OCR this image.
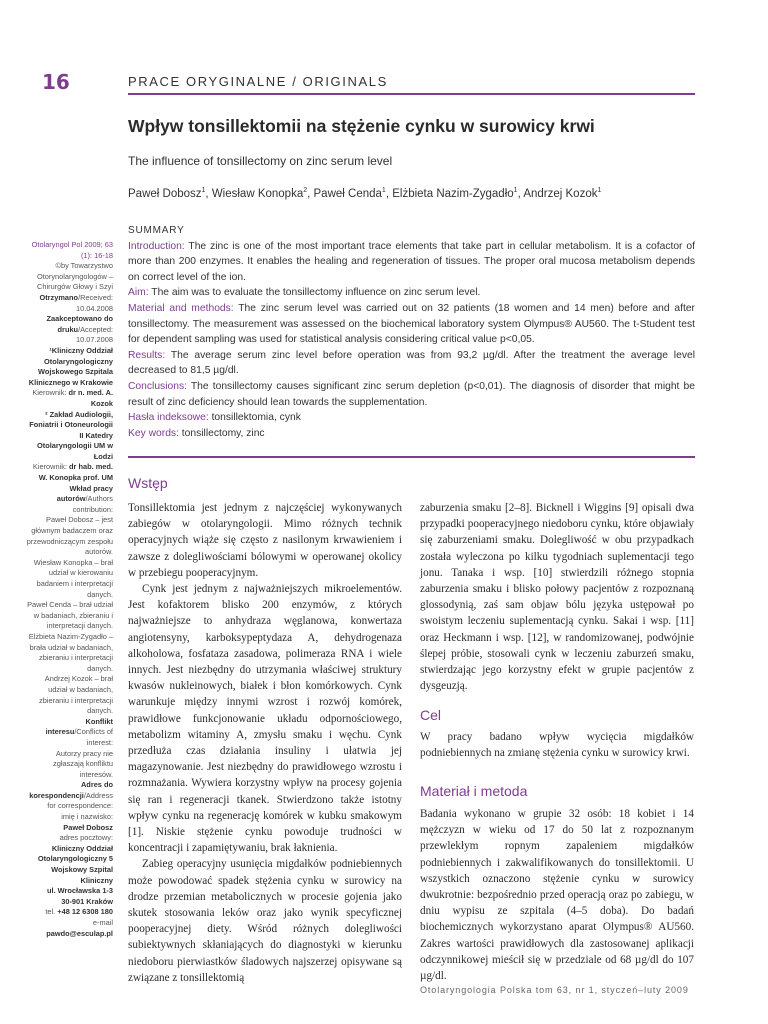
16	PRACE ORYGINALNE / ORIGINALS
Wpływ tonsillektomii na stężenie cynku w surowicy krwi
The influence of tonsillectomy on zinc serum level
Paweł Dobosz$^1$, Wiesław Konopka$^2$, Paweł Cenda$^1$, Elżbieta Nazim-Zygadło$^1$, Andrzej Kozok$^1$

SUMMARY

Introduction: The zinc is one of the most important trace elements that take part in cellular metabolism. It is a cofactor of more than 200 enzymes. It enables the healing and regeneration of tissues. The proper oral mucosa metabolism depends on correct level of the ion.

Aim: The aim was to evaluate the tonsillectomy influence on zinc serum level.

Material and methods: The zinc serum level was carried out on 32 patients (18 women and 14 men) before and after tonsillectomy. The measurement was assessed on the biochemical laboratory system Olympus® AU560. The t-Student test for dependent sampling was used for statistical analysis considering critical value p<0,05.

Results: The average serum zinc level before operation was from 93,2 µg/dl. After the treatment the average level decreased to 81,5 µg/dl.

Conclusions: The tonsillectomy causes significant zinc serum depletion (p<0,01). The diagnosis of disorder that might be result of zinc deficiency should lean towards the supplementation.

Hasła indeksowe: tonsillektomia, cynk

Key words: tonsillectomy, zinc

Otolaryngol Pol 2009; 63 (1): 16-18

©by Towarzystwo Otorynolaryngologów – Chirurgów Głowy i Szyi

Otrzymano/Received: 10.04.2008

Zaakceptowano do druku/Accepted: 10.07.2008

¹Kliniczny Oddział Otolaryngologiczny Wojskowego Szpitala Klinicznego w Krakowie

Kierownik: dr n. med. A. Kozok

² Zakład Audiologii, Foniatrii i Otoneurologii II Katedry Otolaryngologii UM w Łodzi

Kierownik: dr hab. med. W. Konopka prof. UM

Wkład pracy autorów/Authors contribution:

Paweł Dobosz – jest głównym badaczem oraz przewodniczącym zespołu autorów.

Wiesław Konopka – brał udział w kierowaniu badaniem i interpretacji danych.

Paweł Cenda – brał udział w badaniach, zbieraniu i interpretacji danych.

Elżbieta Nazim-Zygadło – brała udział w badaniach, zbieraniu i interpretacji danych.

Andrzej Kozok – brał udział w badaniach, zbieraniu i interpretacji danych.

Konflikt interesu/Conflicts of interest:

Autorzy pracy nie zgłaszają konfliktu interesów.

Adres do korespondencji/Address for correspondence:

imię i nazwisko:

Paweł Dobosz

adres pocztowy:

Kliniczny Oddział Otolaryngologiczny 5 Wojskowy Szpital Kliniczny

ul. Wrocławska 1-3

30-901 Kraków

tel. +48 12 6308 180

e-mail pawdo@esculap.pl

Wstęp

Tonsillektomia jest jednym z najczęściej wykonywanych zabiegów w otolaryngologii. Mimo różnych technik operacyjnych wiąże się często z nasilonym krwawieniem i zawsze z dolegliwościami bólowymi w operowanej okolicy w przebiegu pooperacyjnym.

Cynk jest jednym z najważniejszych mikroelementów. Jest kofaktorem blisko 200 enzymów, z których najważniejsze to anhydraza węglanowa, konwertaza angiotensyny, karboksypeptydaza A, dehydrogenaza alkoholowa, fosfataza zasadowa, polimeraza RNA i wiele innych. Jest niezbędny do utrzymania właściwej struktury kwasów nukleinowych, białek i błon komórkowych. Cynk warunkuje między innymi wzrost i rozwój komórek, prawidłowe funkcjonowanie układu odpornościowego, metabolizm witaminy A, zmysłu smaku i węchu. Cynk przedłuża czas działania insuliny i ułatwia jej magazynowanie. Jest niezbędny do prawidłowego wzrostu i rozmnażania. Wywiera korzystny wpływ na procesy gojenia się ran i regeneracji tkanek. Stwierdzono także istotny wpływ cynku na regenerację komórek w kubku smakowym [1]. Niskie stężenie cynku powoduje trudności w koncentracji i zapamiętywaniu, brak łaknienia.

Zabieg operacyjny usunięcia migdałków podniebiennych może powodować spadek stężenia cynku w surowicy na drodze przemian metabolicznych w procesie gojenia jako skutek stosowania leków oraz jako wynik specyficznej pooperacyjnej diety. Wśród różnych dolegliwości subiektywnych skłaniających do diagnostyki w kierunku niedoboru pierwiastków śladowych najszerzej opisywane są związane z tonsillektomią

zaburzenia smaku [2–8]. Bicknell i Wiggins [9] opisali dwa przypadki pooperacyjnego niedoboru cynku, które objawiały się zaburzeniami smaku. Dolegliwość w obu przypadkach została wyleczona po kilku tygodniach suplementacji tego jonu. Tanaka i wsp. [10] stwierdzili różnego stopnia zaburzenia smaku i blisko połowy pacjentów z rozpoznaną glossodynią, zaś sam objaw bólu języka ustępował po swoistym leczeniu suplementacją cynku. Sakai i wsp. [11] oraz Heckmann i wsp. [12], w randomizowanej, podwójnie ślepej próbie, stosowali cynk w leczeniu zaburzeń smaku, stwierdzając jego korzystny efekt w grupie pacjentów z dysgeuzją.

Cel

W pracy badano wpływ wycięcia migdałków podniebiennych na zmianę stężenia cynku w surowicy krwi.

Materiał i metoda

Badania wykonano w grupie 32 osób: 18 kobiet i 14 mężczyzn w wieku od 17 do 50 lat z rozpoznanym przewlekłym ropnym zapaleniem migdałków podniebiennych i zakwalifikowanych do tonsillektomii. U wszystkich oznaczono stężenie cynku w surowicy dwukrotnie: bezpośrednio przed operacją oraz po zabiegu, w dniu wypisu ze szpitala (4–5 doba). Do badań biochemicznych wykorzystano aparat Olympus® AU560. Zakres wartości prawidłowych dla zastosowanej aplikacji odczynnikowej mieścił się w przedziale od 68 µg/dl do 107 µg/dl.

Otolaryngologia Polska tom 63, nr 1, styczeń–luty 2009
